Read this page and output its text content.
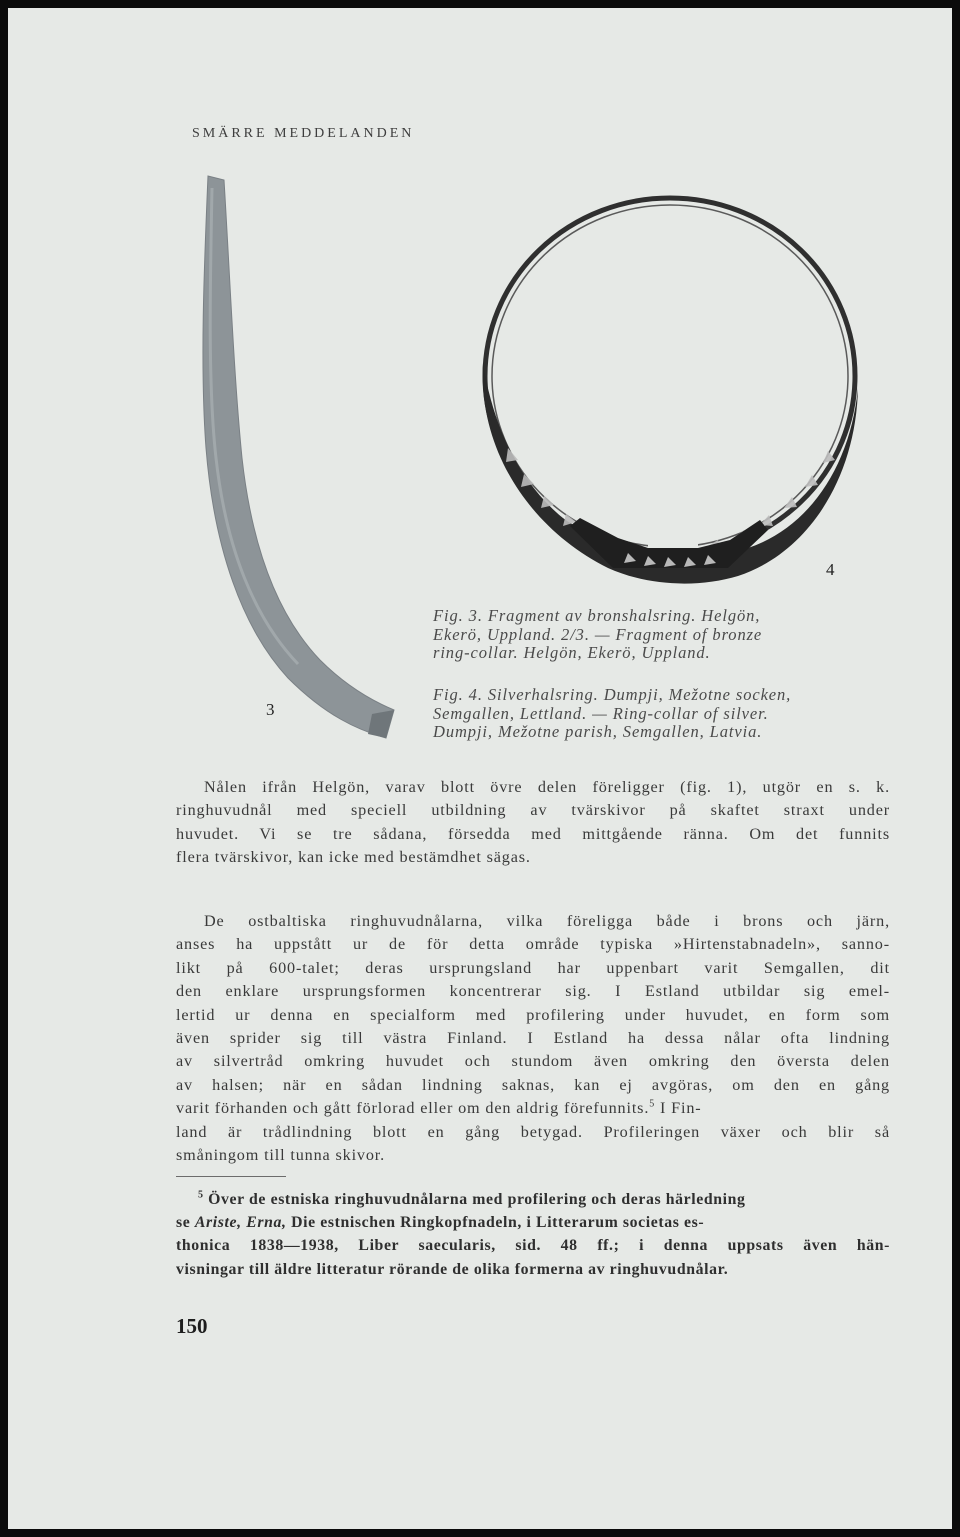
SMÄRRE MEDDELANDEN
3
4
Fig. 3. Fragment av bronshalsring. Helgön,
Ekerö, Uppland. 2/3. — Fragment of bronze
ring-collar. Helgön, Ekerö, Uppland.
Fig. 4. Silverhalsring. Dumpji, Mežotne socken,
Semgallen, Lettland. — Ring-collar of silver.
Dumpji, Mežotne parish, Semgallen, Latvia.
Nålen ifrån Helgön, varav blott övre delen föreligger (fig. 1), utgör en s. k.
ringhuvudnål med speciell utbildning av tvärskivor på skaftet straxt under
huvudet. Vi se tre sådana, försedda med mittgående ränna. Om det funnits
flera tvärskivor, kan icke med bestämdhet sägas.
De ostbaltiska ringhuvudnålarna, vilka föreligga både i brons och järn,
anses ha uppstått ur de för detta område typiska »Hirtenstabnadeln», sanno-
likt på 600-talet; deras ursprungsland har uppenbart varit Semgallen, dit
den enklare ursprungsformen koncentrerar sig. I Estland utbildar sig emel-
lertid ur denna en specialform med profilering under huvudet, en form som
även sprider sig till västra Finland. I Estland ha dessa nålar ofta lindning
av silvertråd omkring huvudet och stundom även omkring den översta delen
av halsen; när en sådan lindning saknas, kan ej avgöras, om den en gång
varit förhanden och gått förlorad eller om den aldrig förefunnits.$^5$ I Fin-
land är trådlindning blott en gång betygad. Profileringen växer och blir så
småningom till tunna skivor.
$^5$ Över de estniska ringhuvudnålarna med profilering och deras härledning
se Ariste, Erna, Die estnischen Ringkopfnadeln, i Litterarum societas es-
thonica 1838—1938, Liber saecularis, sid. 48 ff.; i denna uppsats även hän-
visningar till äldre litteratur rörande de olika formerna av ringhuvudnålar.
150
